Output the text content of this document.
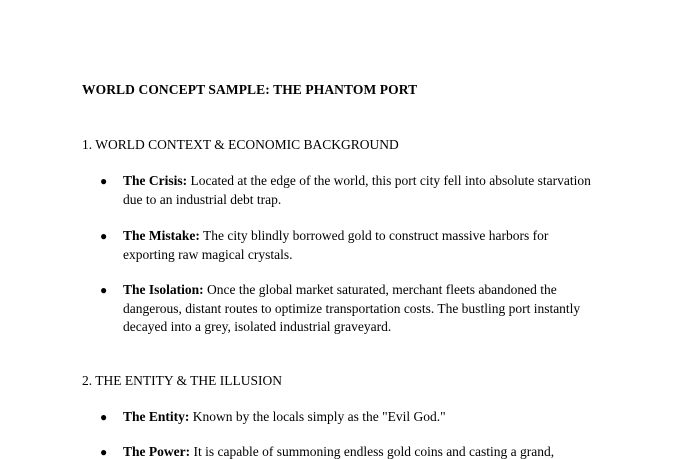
WORLD CONCEPT SAMPLE: THE PHANTOM PORT
1. WORLD CONTEXT & ECONOMIC BACKGROUND
●	The Crisis: Located at the edge of the world, this port city fell into absolute starvation due to an industrial debt trap.
●	The Mistake: The city blindly borrowed gold to construct massive harbors for exporting raw magical crystals.
●	The Isolation: Once the global market saturated, merchant fleets abandoned the dangerous, distant routes to optimize transportation costs. The bustling port instantly decayed into a grey, isolated industrial graveyard.
2. THE ENTITY & THE ILLUSION
●	The Entity: Known by the locals simply as the "Evil God."
●	The Power: It is capable of summoning endless gold coins and casting a grand,
